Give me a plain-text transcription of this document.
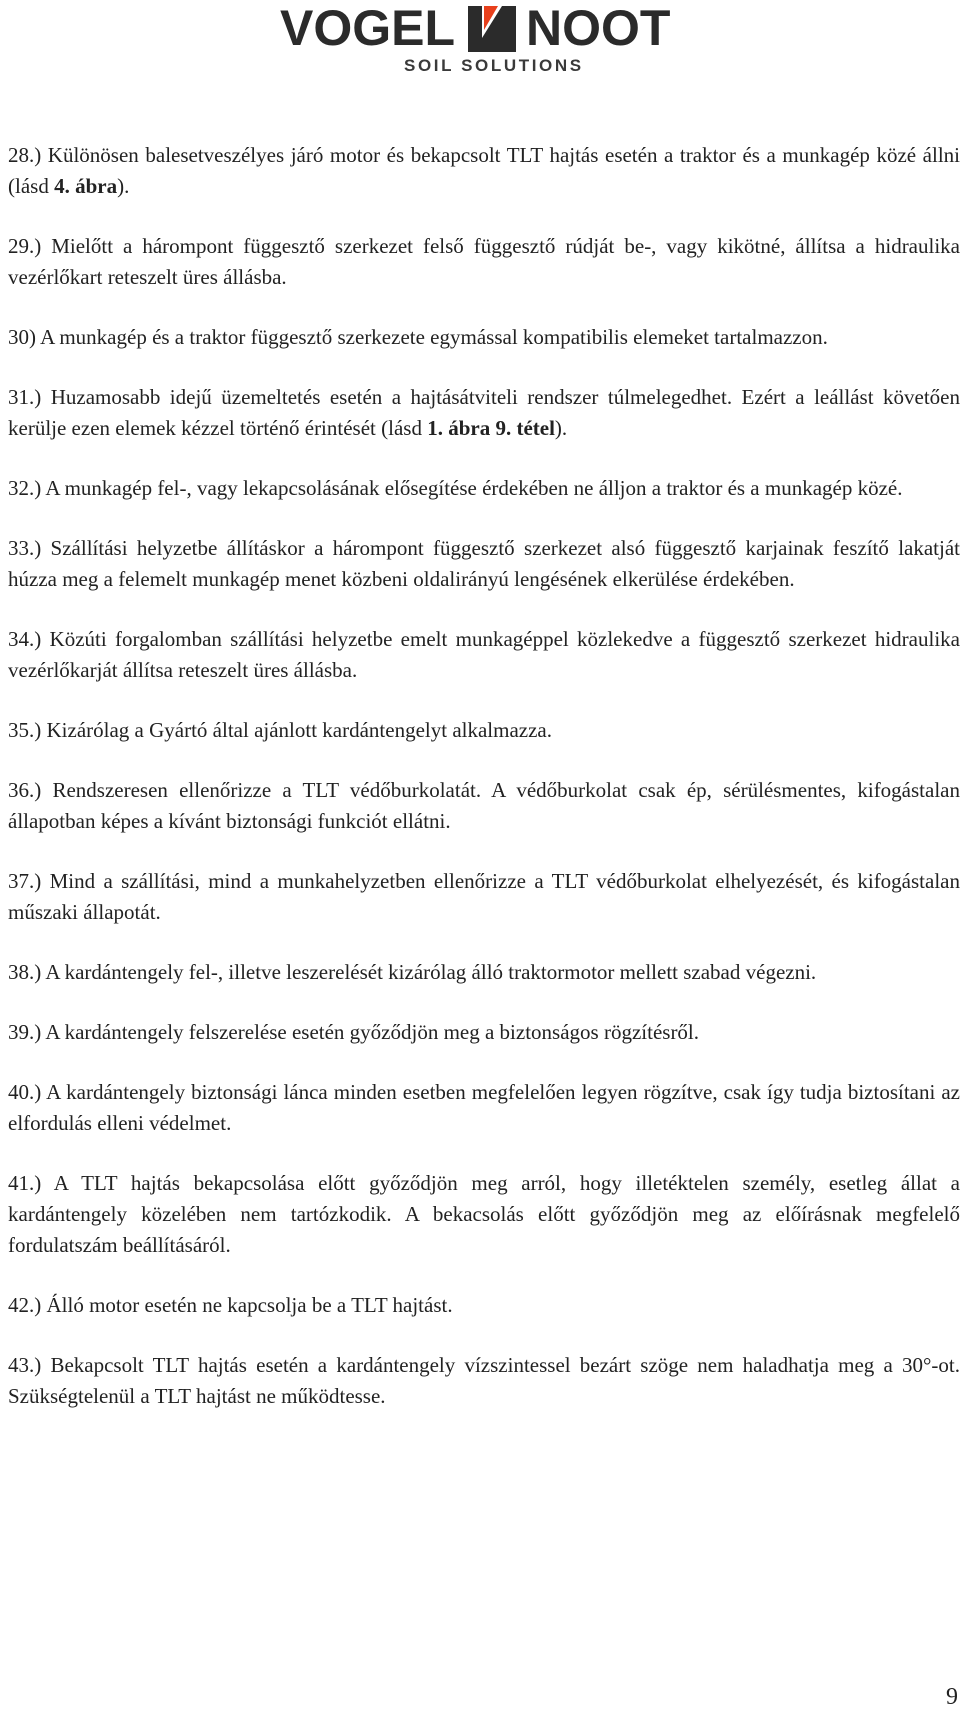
VOGEL NOOT
SOIL SOLUTIONS

28.) Különösen balesetveszélyes járó motor és bekapcsolt TLT hajtás esetén a traktor és a munkagép közé állni (lásd 4. ábra).

29.) Mielőtt a hárompont függesztő szerkezet felső függesztő rúdját be-, vagy kikötné, állítsa a hidraulika vezérlőkart reteszelt üres állásba.

30) A munkagép és a traktor függesztő szerkezete egymással kompatibilis elemeket tartalmazzon.

31.) Huzamosabb idejű üzemeltetés esetén a hajtásátviteli rendszer túlmelegedhet. Ezért a leállást követően kerülje ezen elemek kézzel történő érintését (lásd 1. ábra 9. tétel).

32.) A munkagép fel-, vagy lekapcsolásának elősegítése érdekében ne álljon a traktor és a munkagép közé.

33.) Szállítási helyzetbe állításkor a hárompont függesztő szerkezet alsó függesztő karjainak feszítő lakatját húzza meg a felemelt munkagép menet közbeni oldalirányú lengésének elkerülése érdekében.

34.) Közúti forgalomban szállítási helyzetbe emelt munkagéppel közlekedve a függesztő szerkezet hidraulika vezérlőkarját állítsa reteszelt üres állásba.

35.) Kizárólag a Gyártó által ajánlott kardántengelyt alkalmazza.

36.) Rendszeresen ellenőrizze a TLT védőburkolatát. A védőburkolat csak ép, sérülésmentes, kifogástalan állapotban képes a kívánt biztonsági funkciót ellátni.

37.) Mind a szállítási, mind a munkahelyzetben ellenőrizze a TLT védőburkolat elhelyezését, és kifogástalan műszaki állapotát.

38.) A kardántengely fel-, illetve leszerelését kizárólag álló traktormotor mellett szabad végezni.

39.) A kardántengely felszerelése esetén győződjön meg a biztonságos rögzítésről.

40.) A kardántengely biztonsági lánca minden esetben megfelelően legyen rögzítve, csak így tudja biztosítani az elfordulás elleni védelmet.

41.) A TLT hajtás bekapcsolása előtt győződjön meg arról, hogy illetéktelen személy, esetleg állat a kardántengely közelében nem tartózkodik. A bekacsolás előtt győződjön meg az előírásnak megfelelő fordulatszám beállításáról.

42.) Álló motor esetén ne kapcsolja be a TLT hajtást.

43.) Bekapcsolt TLT hajtás esetén a kardántengely vízszintessel bezárt szöge nem haladhatja meg a 30°-ot. Szükségtelenül a TLT hajtást ne működtesse.

9
